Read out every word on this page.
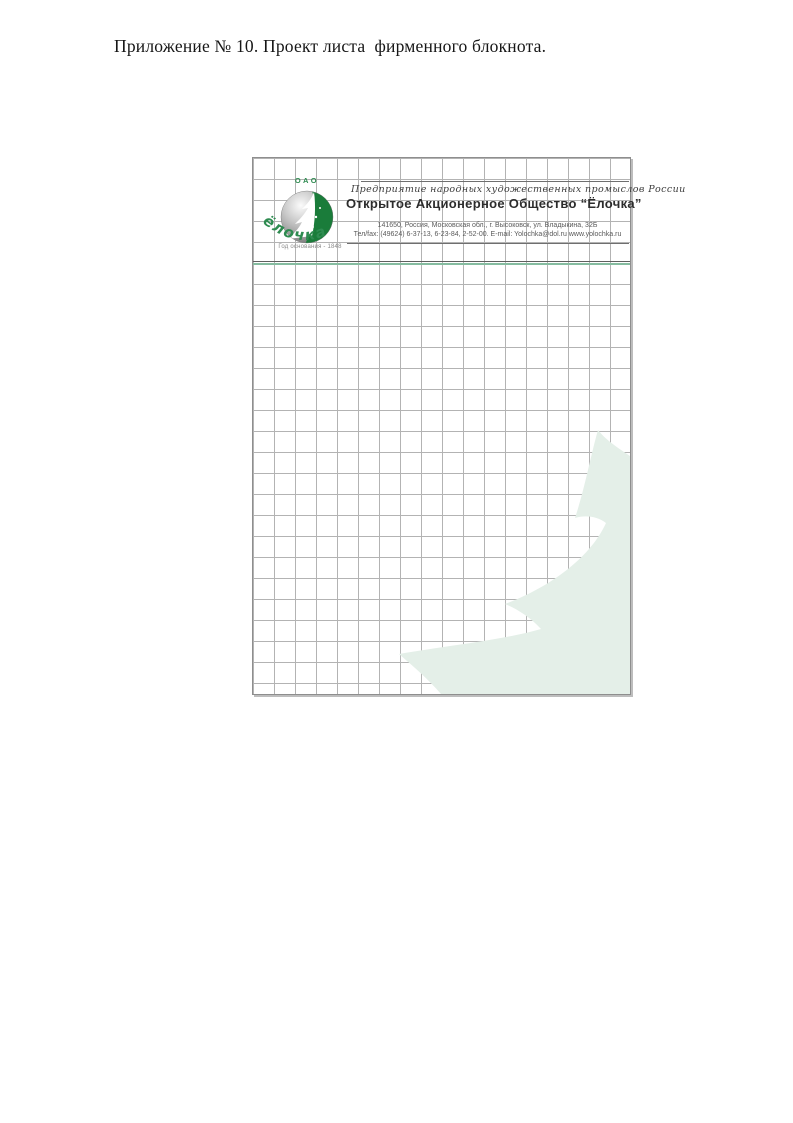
Приложение № 10. Проект листа  фирменного блокнота.
ОАО
ёлочка
Год основания - 1848
Предприятие народных художественных промыслов России
Открытое Акционерное Общество “Ёлочка”
141650, Россия, Московская обл., г. Высоковск, ул. Владыкина, 32Б
Тел/fax: (49624) 6-37-13, 6-23-84, 2-52-00. E-mail: Yolochka@dol.ru www.yolochka.ru
